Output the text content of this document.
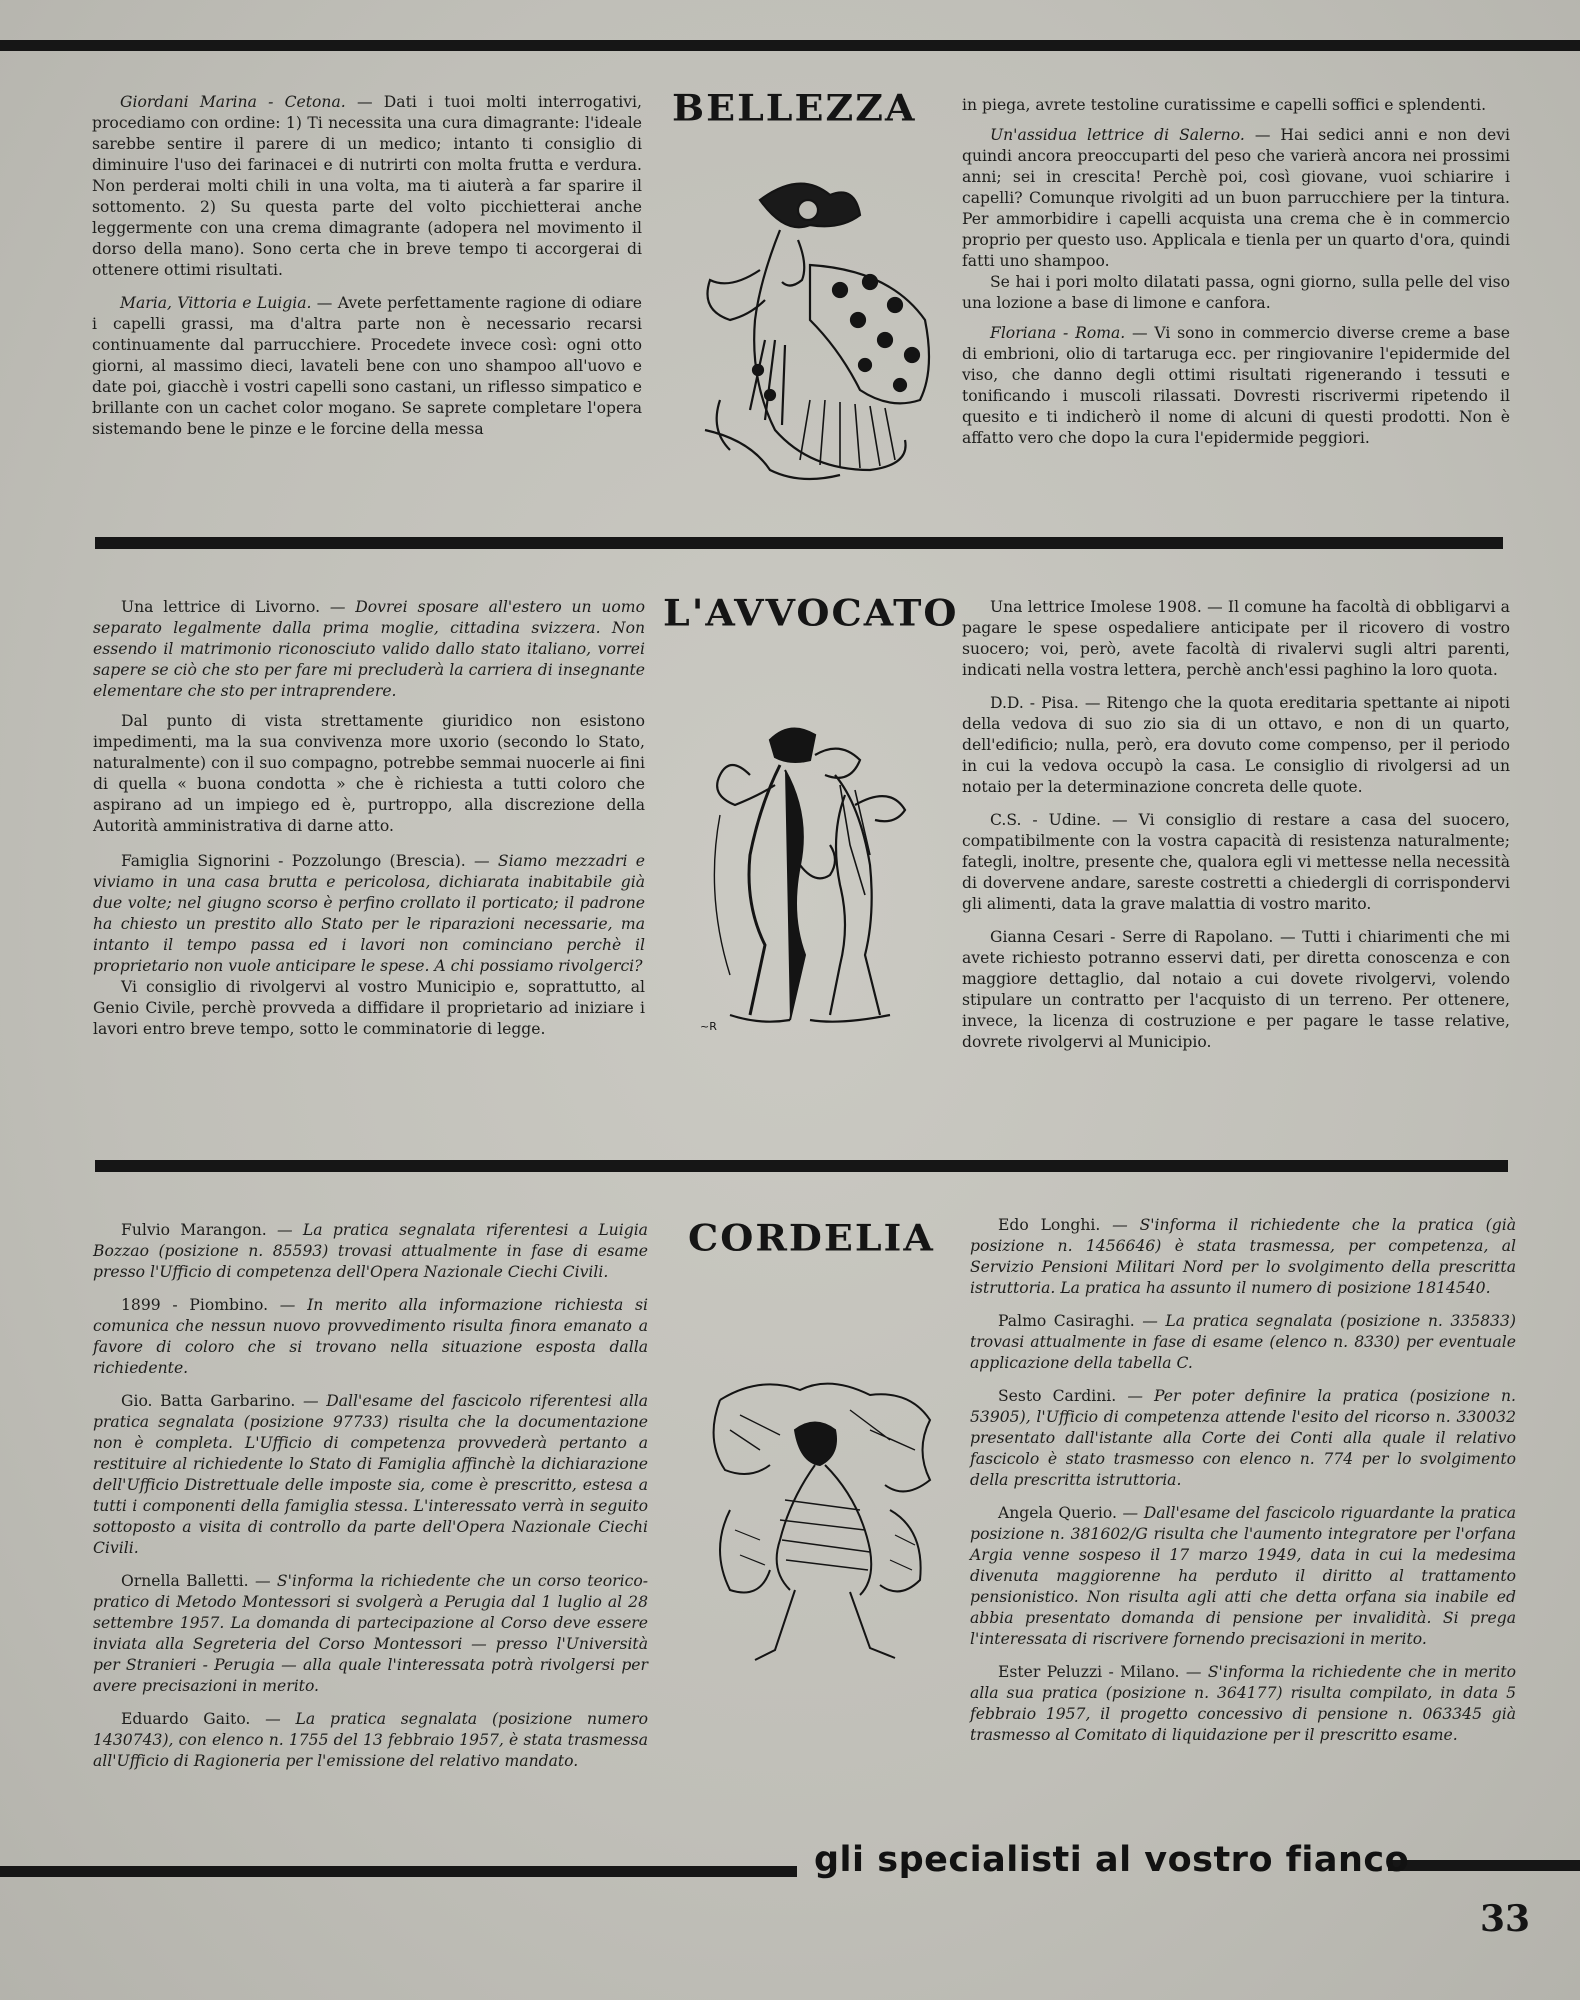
BELLEZZA

Giordani Marina - Cetona. — Dati i tuoi molti interrogativi, procediamo con ordine: 1) Ti necessita una cura dimagrante: l'ideale sarebbe sentire il parere di un medico; intanto ti consiglio di diminuire l'uso dei farinacei e di nutrirti con molta frutta e verdura. Non perderai molti chili in una volta, ma ti aiuterà a far sparire il sottomento. 2) Su questa parte del volto picchietterai anche leggermente con una crema dimagrante (adopera nel movimento il dorso della mano). Sono certa che in breve tempo ti accorgerai di ottenere ottimi risultati.

Maria, Vittoria e Luigia. — Avete perfettamente ragione di odiare i capelli grassi, ma d'altra parte non è necessario recarsi continuamente dal parrucchiere. Procedete invece così: ogni otto giorni, al massimo dieci, lavateli bene con uno shampoo all'uovo e date poi, giacchè i vostri capelli sono castani, un riflesso simpatico e brillante con un cachet color mogano. Se saprete completare l'opera sistemando bene le pinze e le forcine della messa

in piega, avrete testoline curatissime e capelli soffici e splendenti.

Un'assidua lettrice di Salerno. — Hai sedici anni e non devi quindi ancora preoccuparti del peso che varierà ancora nei prossimi anni; sei in crescita! Perchè poi, così giovane, vuoi schiarire i capelli? Comunque rivolgiti ad un buon parrucchiere per la tintura. Per ammorbidire i capelli acquista una crema che è in commercio proprio per questo uso. Applicala e tienla per un quarto d'ora, quindi fatti uno shampoo.

Se hai i pori molto dilatati passa, ogni giorno, sulla pelle del viso una lozione a base di limone e canfora.

Floriana - Roma. — Vi sono in commercio diverse creme a base di embrioni, olio di tartaruga ecc. per ringiovanire l'epidermide del viso, che danno degli ottimi risultati rigenerando i tessuti e tonificando i muscoli rilassati. Dovresti riscrivermi ripetendo il quesito e ti indicherò il nome di alcuni di questi prodotti. Non è affatto vero che dopo la cura l'epidermide peggiori.

L'AVVOCATO

Una lettrice di Livorno. — Dovrei sposare all'estero un uomo separato legalmente dalla prima moglie, cittadina svizzera. Non essendo il matrimonio riconosciuto valido dallo stato italiano, vorrei sapere se ciò che sto per fare mi precluderà la carriera di insegnante elementare che sto per intraprendere.

Dal punto di vista strettamente giuridico non esistono impedimenti, ma la sua convivenza more uxorio (secondo lo Stato, naturalmente) con il suo compagno, potrebbe semmai nuocerle ai fini di quella « buona condotta » che è richiesta a tutti coloro che aspirano ad un impiego ed è, purtroppo, alla discrezione della Autorità amministrativa di darne atto.

Famiglia Signorini - Pozzolungo (Brescia). — Siamo mezzadri e viviamo in una casa brutta e pericolosa, dichiarata inabitabile già due volte; nel giugno scorso è perfino crollato il porticato; il padrone ha chiesto un prestito allo Stato per le riparazioni necessarie, ma intanto il tempo passa ed i lavori non cominciano perchè il proprietario non vuole anticipare le spese. A chi possiamo rivolgerci?

Vi consiglio di rivolgervi al vostro Municipio e, soprattutto, al Genio Civile, perchè provveda a diffidare il proprietario ad iniziare i lavori entro breve tempo, sotto le comminatorie di legge.

Una lettrice Imolese 1908. — Il comune ha facoltà di obbligarvi a pagare le spese ospedaliere anticipate per il ricovero di vostro suocero; voi, però, avete facoltà di rivalervi sugli altri parenti, indicati nella vostra lettera, perchè anch'essi paghino la loro quota.

D.D. - Pisa. — Ritengo che la quota ereditaria spettante ai nipoti della vedova di suo zio sia di un ottavo, e non di un quarto, dell'edificio; nulla, però, era dovuto come compenso, per il periodo in cui la vedova occupò la casa. Le consiglio di rivolgersi ad un notaio per la determinazione concreta delle quote.

C.S. - Udine. — Vi consiglio di restare a casa del suocero, compatibilmente con la vostra capacità di resistenza naturalmente; fategli, inoltre, presente che, qualora egli vi mettesse nella necessità di dovervene andare, sareste costretti a chiedergli di corrispondervi gli alimenti, data la grave malattia di vostro marito.

Gianna Cesari - Serre di Rapolano. — Tutti i chiarimenti che mi avete richiesto potranno esservi dati, per diretta conoscenza e con maggiore dettaglio, dal notaio a cui dovete rivolgervi, volendo stipulare un contratto per l'acquisto di un terreno. Per ottenere, invece, la licenza di costruzione e per pagare le tasse relative, dovrete rivolgervi al Municipio.

~R
CORDELIA

Fulvio Marangon. — La pratica segnalata riferentesi a Luigia Bozzao (posizione n. 85593) trovasi attualmente in fase di esame presso l'Ufficio di competenza dell'Opera Nazionale Ciechi Civili.

1899 - Piombino. — In merito alla informazione richiesta si comunica che nessun nuovo provvedimento risulta finora emanato a favore di coloro che si trovano nella situazione esposta dalla richiedente.

Gio. Batta Garbarino. — Dall'esame del fascicolo riferentesi alla pratica segnalata (posizione 97733) risulta che la documentazione non è completa. L'Ufficio di competenza provvederà pertanto a restituire al richiedente lo Stato di Famiglia affinchè la dichiarazione dell'Ufficio Distrettuale delle imposte sia, come è prescritto, estesa a tutti i componenti della famiglia stessa. L'interessato verrà in seguito sottoposto a visita di controllo da parte dell'Opera Nazionale Ciechi Civili.

Ornella Balletti. — S'informa la richiedente che un corso teorico-pratico di Metodo Montessori si svolgerà a Perugia dal 1 luglio al 28 settembre 1957. La domanda di partecipazione al Corso deve essere inviata alla Segreteria del Corso Montessori — presso l'Università per Stranieri - Perugia — alla quale l'interessata potrà rivolgersi per avere precisazioni in merito.

Eduardo Gaito. — La pratica segnalata (posizione numero 1430743), con elenco n. 1755 del 13 febbraio 1957, è stata trasmessa all'Ufficio di Ragioneria per l'emissione del relativo mandato.

Edo Longhi. — S'informa il richiedente che la pratica (già posizione n. 1456646) è stata trasmessa, per competenza, al Servizio Pensioni Militari Nord per lo svolgimento della prescritta istruttoria. La pratica ha assunto il numero di posizione 1814540.

Palmo Casiraghi. — La pratica segnalata (posizione n. 335833) trovasi attualmente in fase di esame (elenco n. 8330) per eventuale applicazione della tabella C.

Sesto Cardini. — Per poter definire la pratica (posizione n. 53905), l'Ufficio di competenza attende l'esito del ricorso n. 330032 presentato dall'istante alla Corte dei Conti alla quale il relativo fascicolo è stato trasmesso con elenco n. 774 per lo svolgimento della prescritta istruttoria.

Angela Querio. — Dall'esame del fascicolo riguardante la pratica posizione n. 381602/G risulta che l'aumento integratore per l'orfana Argia venne sospeso il 17 marzo 1949, data in cui la medesima divenuta maggiorenne ha perduto il diritto al trattamento pensionistico. Non risulta agli atti che detta orfana sia inabile ed abbia presentato domanda di pensione per invalidità. Si prega l'interessata di riscrivere fornendo precisazioni in merito.

Ester Peluzzi - Milano. — S'informa la richiedente che in merito alla sua pratica (posizione n. 364177) risulta compilato, in data 5 febbraio 1957, il progetto concessivo di pensione n. 063345 già trasmesso al Comitato di liquidazione per il prescritto esame.

gli specialisti al vostro fianco
33
